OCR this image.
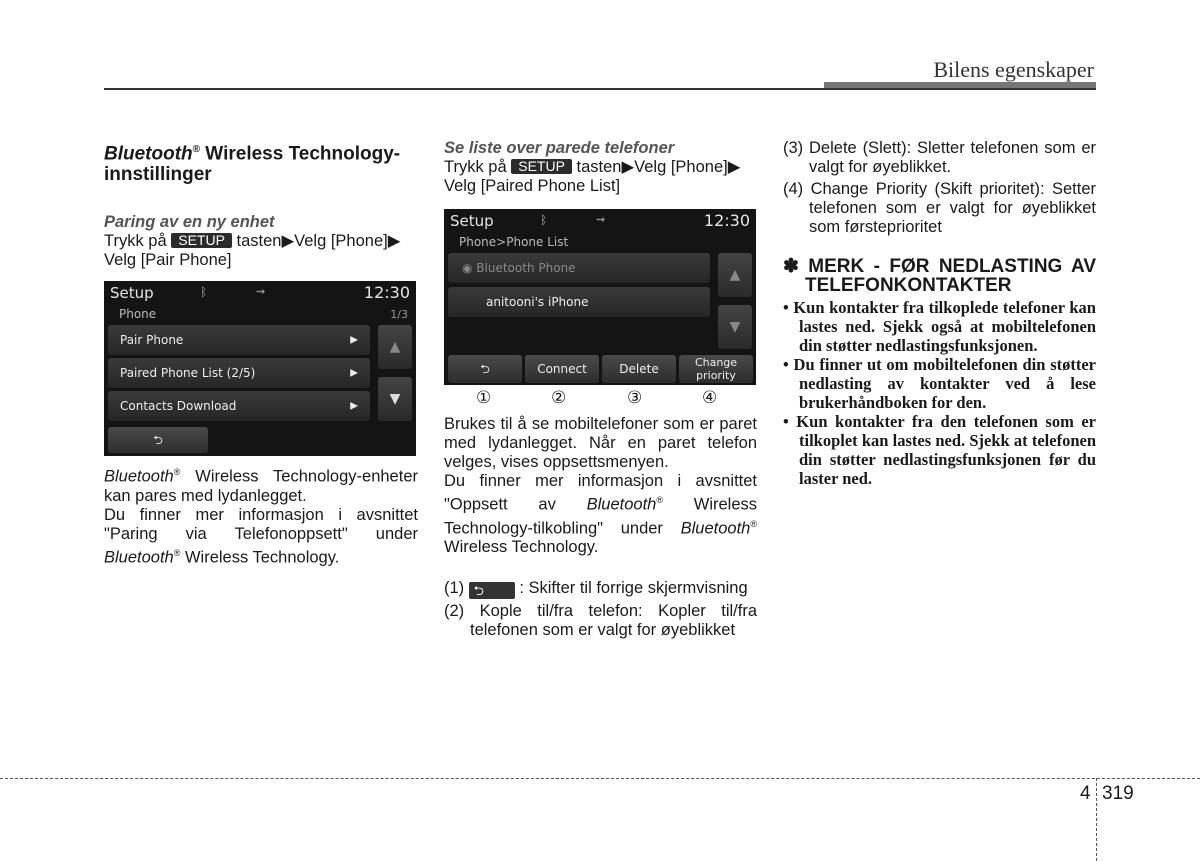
Bilens egenskaper
Bluetooth® Wireless Technology-innstillinger
Paring av en ny enhet
Trykk på SETUP tasten▶Velg [Phone]▶ Velg [Pair Phone]
Setup	ᛒ	⇝	12:30
Phone	1/3
Pair Phone	▶
Paired Phone List (2/5)	▶
Contacts Download	▶
▲
▼
⮌
Bluetooth® Wireless Technology-enheter kan pares med lydanlegget.
Du finner mer informasjon i avsnittet "Paring via Telefonoppsett" under Bluetooth® Wireless Technology.
Se liste over parede telefoner
Trykk på SETUP tasten▶Velg [Phone]▶ Velg [Paired Phone List]
Setup	ᛒ	⇝	12:30
Phone>Phone List
◉ Bluetooth Phone
anitooni's iPhone
▲
▼
⮌	Connect	Delete	Change priority
①	②	③	④
Brukes til å se mobiltelefoner som er paret med lydanlegget. Når en paret telefon velges, vises oppsettsmenyen.
Du finner mer informasjon i avsnittet "Oppsett av Bluetooth® Wireless Technology-tilkobling" under Bluetooth® Wireless Technology.
(1) ⮌ : Skifter til forrige skjermvisning
(2) Kople til/fra telefon: Kopler til/fra telefonen som er valgt for øyeblikket
(3) Delete (Slett): Sletter telefonen som er valgt for øyeblikket.
(4) Change Priority (Skift prioritet): Setter telefonen som er valgt for øyeblikket som førsteprioritet
✽ MERK - FØR NEDLASTING AV TELEFONKONTAKTER
• Kun kontakter fra tilkoplede telefoner kan lastes ned. Sjekk også at mobiltelefonen din støtter nedlastingsfunksjonen.
• Du finner ut om mobiltelefonen din støtter nedlasting av kontakter ved å lese brukerhåndboken for den.
• Kun kontakter fra den telefonen som er tilkoplet kan lastes ned. Sjekk at telefonen din støtter nedlastingsfunksjonen før du laster ned.
4 319
